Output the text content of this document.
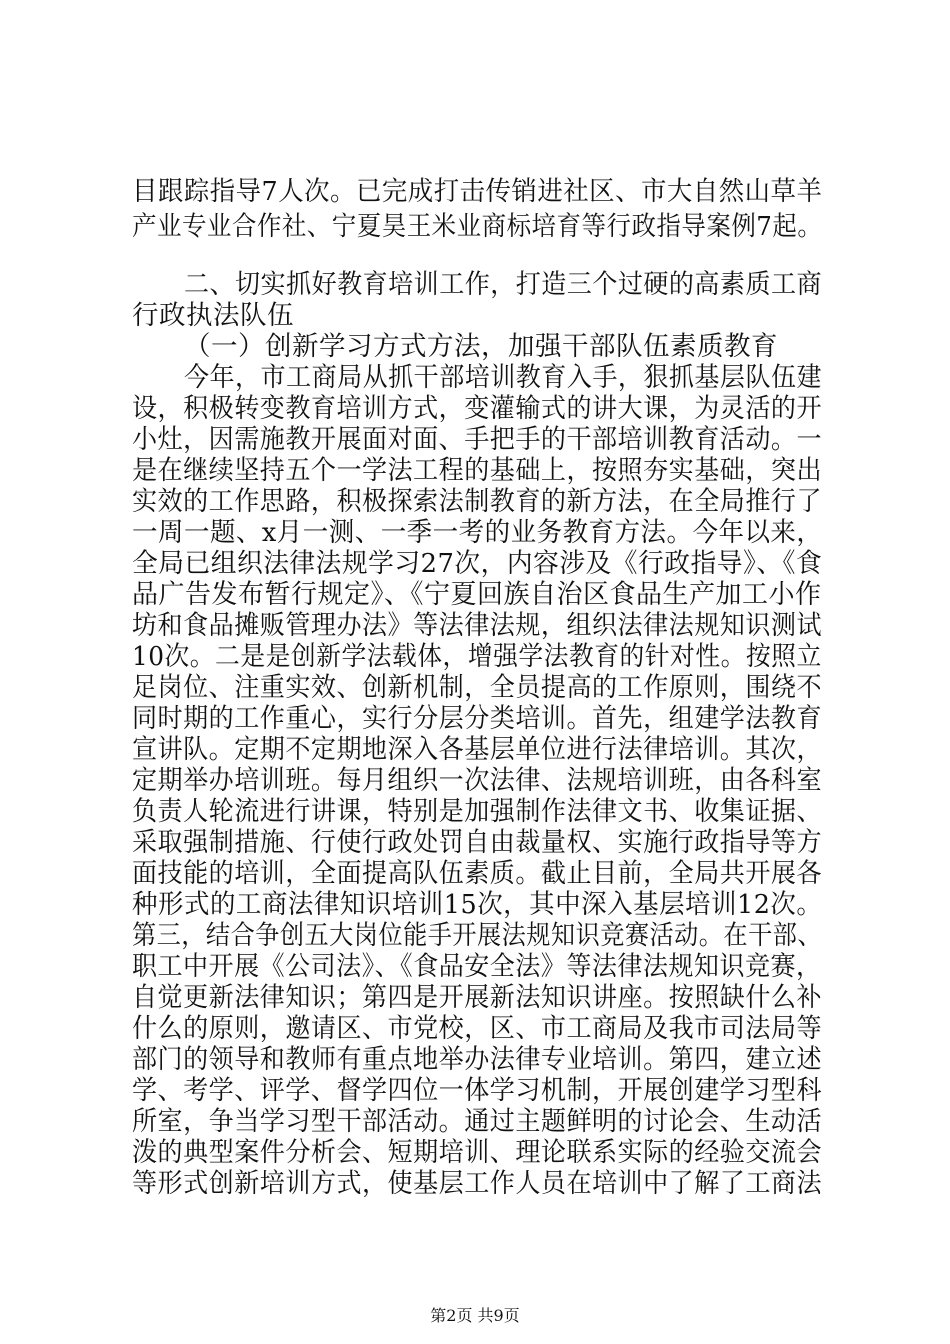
目跟踪指导7人次。已完成打击传销进社区、市大自然山草羊
产业专业合作社、宁夏昊王米业商标培育等行政指导案例7起。
二、切实抓好教育培训工作，打造三个过硬的高素质工商
行政执法队伍
（一）创新学习方式方法，加强干部队伍素质教育
今年，市工商局从抓干部培训教育入手，狠抓基层队伍建
设，积极转变教育培训方式，变灌输式的讲大课，为灵活的开
小灶，因需施教开展面对面、手把手的干部培训教育活动。一
是在继续坚持五个一学法工程的基础上，按照夯实基础，突出
实效的工作思路，积极探索法制教育的新方法，在全局推行了
一周一题、x月一测、一季一考的业务教育方法。今年以来，
全局已组织法律法规学习27次，内容涉及《行政指导》、《食
品广告发布暂行规定》、《宁夏回族自治区食品生产加工小作
坊和食品摊贩管理办法》等法律法规，组织法律法规知识测试
10次。二是是创新学法载体，增强学法教育的针对性。按照立
足岗位、注重实效、创新机制，全员提高的工作原则，围绕不
同时期的工作重心，实行分层分类培训。首先，组建学法教育
宣讲队。定期不定期地深入各基层单位进行法律培训。其次，
定期举办培训班。每月组织一次法律、法规培训班，由各科室
负责人轮流进行讲课，特别是加强制作法律文书、收集证据、
采取强制措施、行使行政处罚自由裁量权、实施行政指导等方
面技能的培训，全面提高队伍素质。截止目前，全局共开展各
种形式的工商法律知识培训15次，其中深入基层培训12次。
第三，结合争创五大岗位能手开展法规知识竞赛活动。在干部、
职工中开展《公司法》、《食品安全法》等法律法规知识竞赛，
自觉更新法律知识；第四是开展新法知识讲座。按照缺什么补
什么的原则，邀请区、市党校，区、市工商局及我市司法局等
部门的领导和教师有重点地举办法律专业培训。第四，建立述
学、考学、评学、督学四位一体学习机制，开展创建学习型科
所室，争当学习型干部活动。通过主题鲜明的讨论会、生动活
泼的典型案件分析会、短期培训、理论联系实际的经验交流会
等形式创新培训方式，使基层工作人员在培训中了解了工商法
第2页 共9页
